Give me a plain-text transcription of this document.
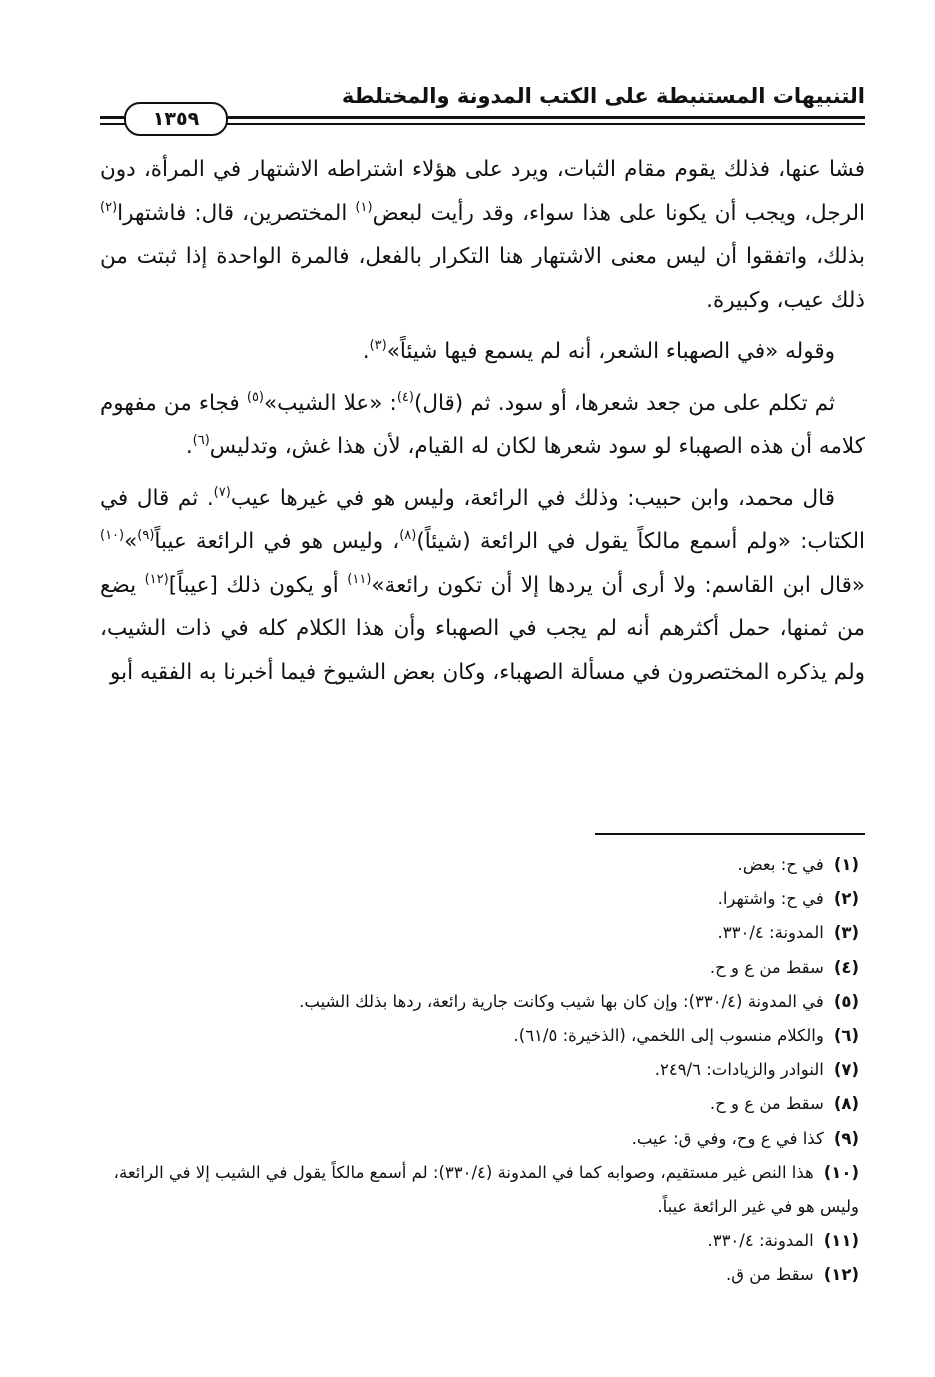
١٣٥٩
التنبيهات المستنبطة على الكتب المدونة والمختلطة

فشا عنها، فذلك يقوم مقام الثبات، ويرد على هؤلاء اشتراطه الاشتهار في المرأة، دون الرجل، ويجب أن يكونا على هذا سواء، وقد رأيت لبعض$^{(١)}$ المختصرين، قال: فاشتهرا$^{(٢)}$ بذلك، واتفقوا أن ليس معنى الاشتهار هنا التكرار بالفعل، فالمرة الواحدة إذا ثبتت من ذلك عيب، وكبيرة.

وقوله «في الصهباء الشعر، أنه لم يسمع فيها شيئاً»$^{(٣)}$.

ثم تكلم على من جعد شعرها، أو سود. ثم (قال)$^{(٤)}$: «علا الشيب»$^{(٥)}$ فجاء من مفهوم كلامه أن هذه الصهباء لو سود شعرها لكان له القيام، لأن هذا غش، وتدليس$^{(٦)}$.

قال محمد، وابن حبيب: وذلك في الرائعة، وليس هو في غيرها عيب$^{(٧)}$. ثم قال في الكتاب: «ولم أسمع مالكاً يقول في الرائعة (شيئاً)$^{(٨)}$، وليس هو في الرائعة عيباً$^{(٩)}$»$^{(١٠)}$ «قال ابن القاسم: ولا أرى أن يردها إلا أن تكون رائعة»$^{(١١)}$ أو يكون ذلك [عيباً]$^{(١٢)}$ يضع من ثمنها، حمل أكثرهم أنه لم يجب في الصهباء وأن هذا الكلام كله في ذات الشيب، ولم يذكره المختصرون في مسألة الصهباء، وكان بعض الشيوخ فيما أخبرنا به الفقيه أبو

(١)في ح: بعض.

(٢)في ح: واشتهرا.

(٣)المدونة: ٣٣٠/٤.

(٤)سقط من ع و ح.

(٥)في المدونة (٣٣٠/٤): وإن كان بها شيب وكانت جارية رائعة، ردها بذلك الشيب.

(٦)والكلام منسوب إلى اللخمي، (الذخيرة: ٦١/٥).

(٧)النوادر والزيادات: ٢٤٩/٦.

(٨)سقط من ع و ح.

(٩)كذا في ع وح، وفي ق: عيب.

(١٠)هذا النص غير مستقيم، وصوابه كما في المدونة (٣٣٠/٤): لم أسمع مالكاً يقول في الشيب إلا في الرائعة، وليس هو في غير الرائعة عيباً.

(١١)المدونة: ٣٣٠/٤.

(١٢)سقط من ق.
